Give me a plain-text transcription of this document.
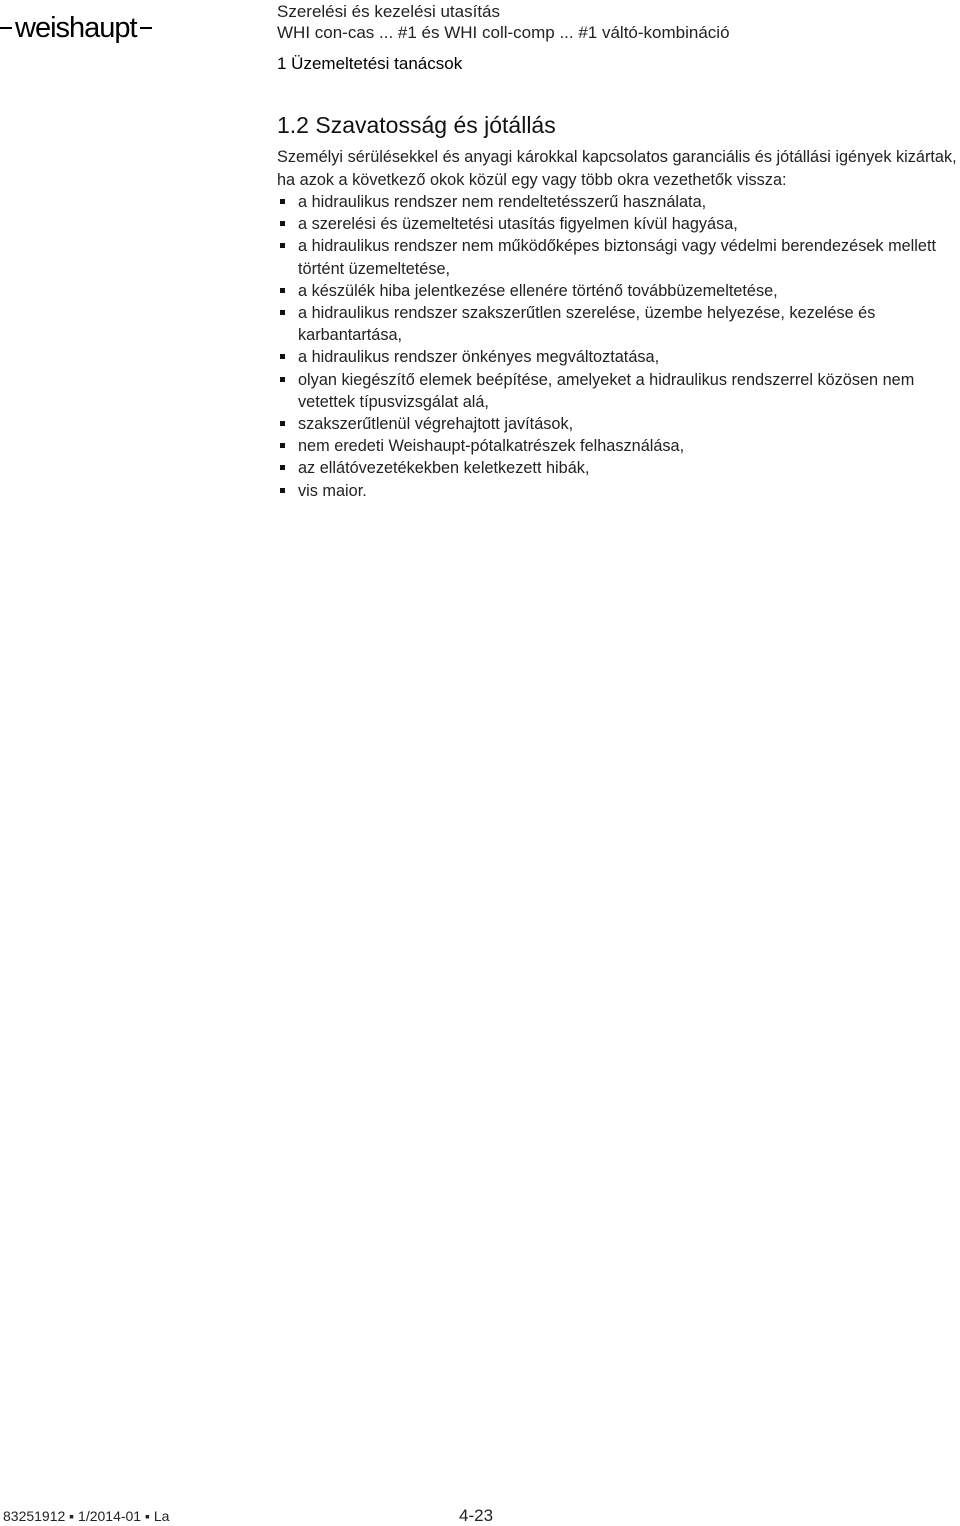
weishaupt
Szerelési és kezelési utasítás
WHI con-cas ... #1 és WHI coll-comp ... #1 váltó-kombináció
1 Üzemeltetési tanácsok
1.2 Szavatosság és jótállás
Személyi sérülésekkel és anyagi károkkal kapcsolatos garanciális és jótállási igények kizártak, ha azok a következő okok közül egy vagy több okra vezethetők vissza:
a hidraulikus rendszer nem rendeltetésszerű használata,
a szerelési és üzemeltetési utasítás figyelmen kívül hagyása,
a hidraulikus rendszer nem működőképes biztonsági vagy védelmi berendezések mellett történt üzemeltetése,
a készülék hiba jelentkezése ellenére történő továbbüzemeltetése,
a hidraulikus rendszer szakszerűtlen szerelése, üzembe helyezése, kezelése és karbantartása,
a hidraulikus rendszer önkényes megváltoztatása,
olyan kiegészítő elemek beépítése, amelyeket a hidraulikus rendszerrel közösen nem vetettek típusvizsgálat alá,
szakszerűtlenül végrehajtott javítások,
nem eredeti Weishaupt-pótalkatrészek felhasználása,
az ellátóvezetékekben keletkezett hibák,
vis maior.
83251912 ▪ 1/2014-01 ▪ La	4-23
